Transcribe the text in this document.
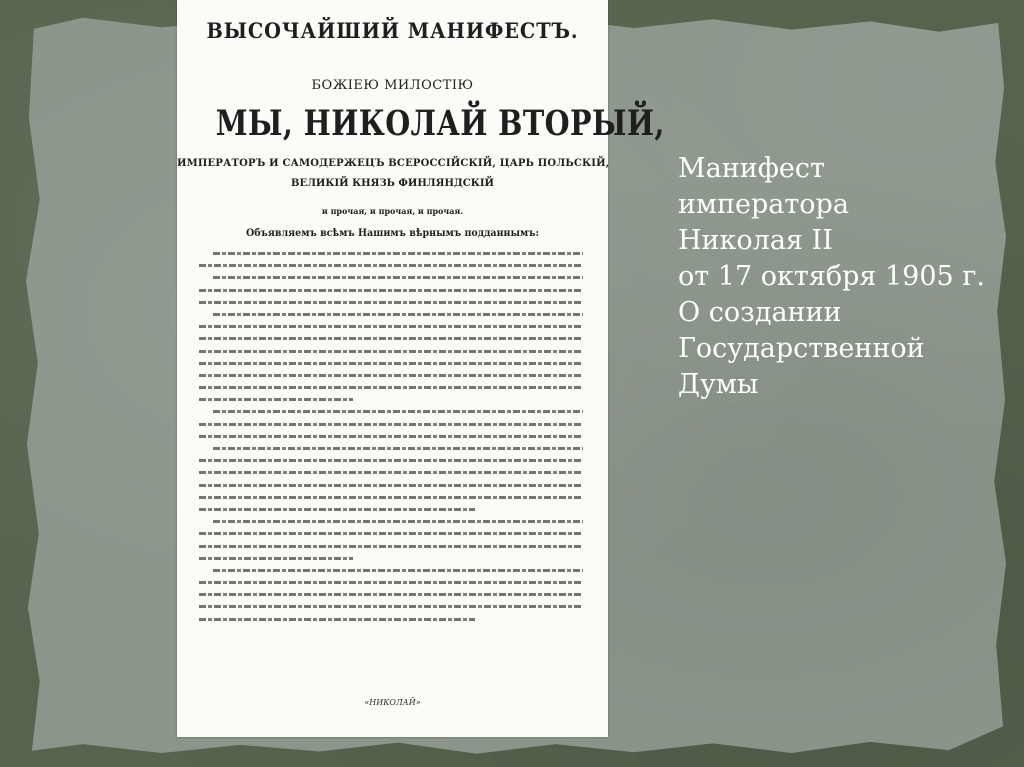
ВЫСОЧАЙШИЙ МАНИФЕСТЪ.
БОЖІЕЮ МИЛОСТІЮ
МЫ, НИКОЛАЙ ВТОРЫЙ,
ИМПЕРАТОРЪ И САМОДЕРЖЕЦЪ ВСЕРОССІЙСКІЙ, ЦАРЬ ПОЛЬСКІЙ,
ВЕЛИКІЙ КНЯЗЬ ФИНЛЯНДСКІЙ
и прочая, и прочая, и прочая.
Объявляемъ всѣмъ Нашимъ вѣрнымъ подданнымъ:
«НИКОЛАЙ»

Манифест
императора
Николая II
от 17 октября 1905 г.
О создании
Государственной
Думы
